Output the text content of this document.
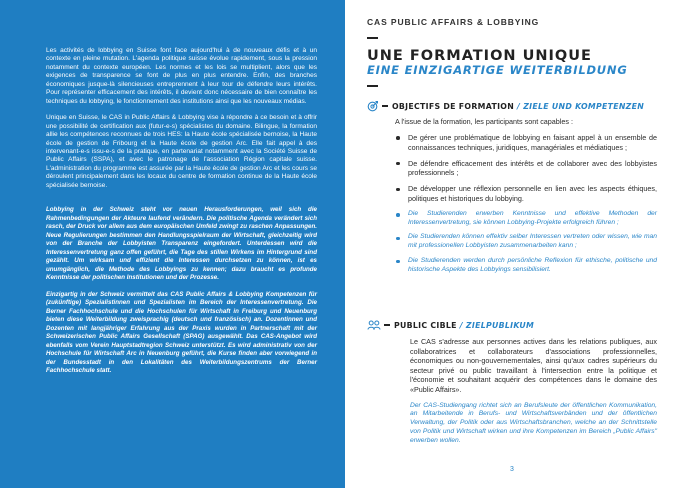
Les activités de lobbying en Suisse font face aujourd'hui à de nouveaux défis et à un contexte en pleine mutation. L'agenda politique suisse évolue rapidement, sous la pression notamment du contexte européen. Les normes et les lois se multiplient, alors que les exigences de transparence se font de plus en plus entendre. Enfin, des branches économiques jusque-là silencieuses entreprennent à leur tour de défendre leurs intérêts. Pour représenter efficacement des intérêts, il devient donc nécessaire de bien connaître les techniques du lobbying, le fonctionnement des institutions ainsi que les nouveaux médias.

Unique en Suisse, le CAS in Public Affairs & Lobbying vise à répondre à ce besoin et à offrir une possibilité de certification aux (futur-e-s) spécialistes du domaine. Bilingue, la formation allie les compétences reconnues de trois HES: la Haute école spécialisée bernoise, la Haute école de gestion de Fribourg et la Haute école de gestion Arc. Elle fait appel à des intervenant-e-s issu-e-s de la pratique, en partenariat notamment avec la Société Suisse de Public Affairs (SSPA), et avec le patronage de l'association Région capitale suisse. L'administration du programme est assurée par la Haute école de gestion Arc et les cours se déroulent principalement dans les locaux du centre de formation continue de la Haute école spécialisée bernoise.

Lobbying in der Schweiz steht vor neuen Herausforderungen, weil sich die Rahmenbedingungen der Akteure laufend verändern. Die politische Agenda verändert sich rasch, der Druck vor allem aus dem europäischen Umfeld zwingt zu raschen Anpassungen. Neue Regulierungen bestimmen den Handlungsspielraum der Wirtschaft, gleichzeitig wird von der Branche der Lobbyisten Transparenz eingefordert. Unterdessen wird die Interessenvertretung ganz offen geführt, die Tage des stillen Wirkens im Hintergrund sind gezählt. Um wirksam und effizient die Interessen durchsetzen zu können, ist es unumgänglich, die Methode des Lobbyings zu kennen; dazu braucht es profunde Kenntnisse der politischen Institutionen und der Prozesse.

Einzigartig in der Schweiz vermittelt das CAS Public Affairs & Lobbying Kompetenzen für (zukünftige) Spezialistinnen und Spezialisten im Bereich der Interessenvertretung. Die Berner Fachhochschule und die Hochschulen für Wirtschaft in Freiburg und Neuenburg bieten diese Weiterbildung zweisprachig (deutsch und französisch) an. Dozentinnen und Dozenten mit langjähriger Erfahrung aus der Praxis wurden in Partnerschaft mit der Schweizerischen Public Affairs Gesellschaft (SPAG) ausgewählt. Das CAS-Angebot wird ebenfalls vom Verein Hauptstadtregion Schweiz unterstützt. Es wird administrativ von der Hochschule für Wirtschaft Arc in Neuenburg geführt, die Kurse finden aber vorwiegend in der Bundesstadt in den Lokalitäten des Weiterbildungszentrums der Berner Fachhochschule statt.

CAS PUBLIC AFFAIRS & LOBBYING
UNE FORMATION UNIQUE
EINE EINZIGARTIGE WEITERBILDUNG
OBJECTIFS DE FORMATION / ZIELE UND KOMPETENZEN
A l'issue de la formation, les participants sont capables :
De gérer une problématique de lobbying en faisant appel à un ensemble de connaissances techniques, juridiques, managériales et médiatiques ;
De défendre efficacement des intérêts et de collaborer avec des lobbyistes professionnels ;
De développer une réflexion personnelle en lien avec les aspects éthiques, politiques et historiques du lobbying.
Die Studierenden erwerben Kenntnisse und effektive Methoden der Interessenvertretung, sie können Lobbying-Projekte erfolgreich führen ;
Die Studierenden können effektiv selber Interessen vertreten oder wissen, wie man mit professionellen Lobbyisten zusammenarbeiten kann ;
Die Studierenden werden durch persönliche Reflexion für ethische, politische und historische Aspekte des Lobbyings sensibilisiert.
PUBLIC CIBLE / ZIELPUBLIKUM
Le CAS s'adresse aux personnes actives dans les relations publiques, aux collaboratrices et collaborateurs d'associations professionnelles, économiques ou non-gouvernementales, ainsi qu'aux cadres supérieurs du secteur privé ou public travaillant à l'intersection entre la politique et l'économie et souhaitant acquérir des compétences dans le domaine des «Public Affairs».
Der CAS-Studiengang richtet sich an Berufsleute der öffentlichen Kommunikation, an Mitarbeitende in Berufs- und Wirtschaftsverbänden und der öffentlichen Verwaltung, der Politik oder aus Wirtschaftsbranchen, welche an der Schnittstelle von Politik und Wirtschaft wirken und ihre Kompetenzen im Bereich „Public Affairs" erwerben wollen.
3
